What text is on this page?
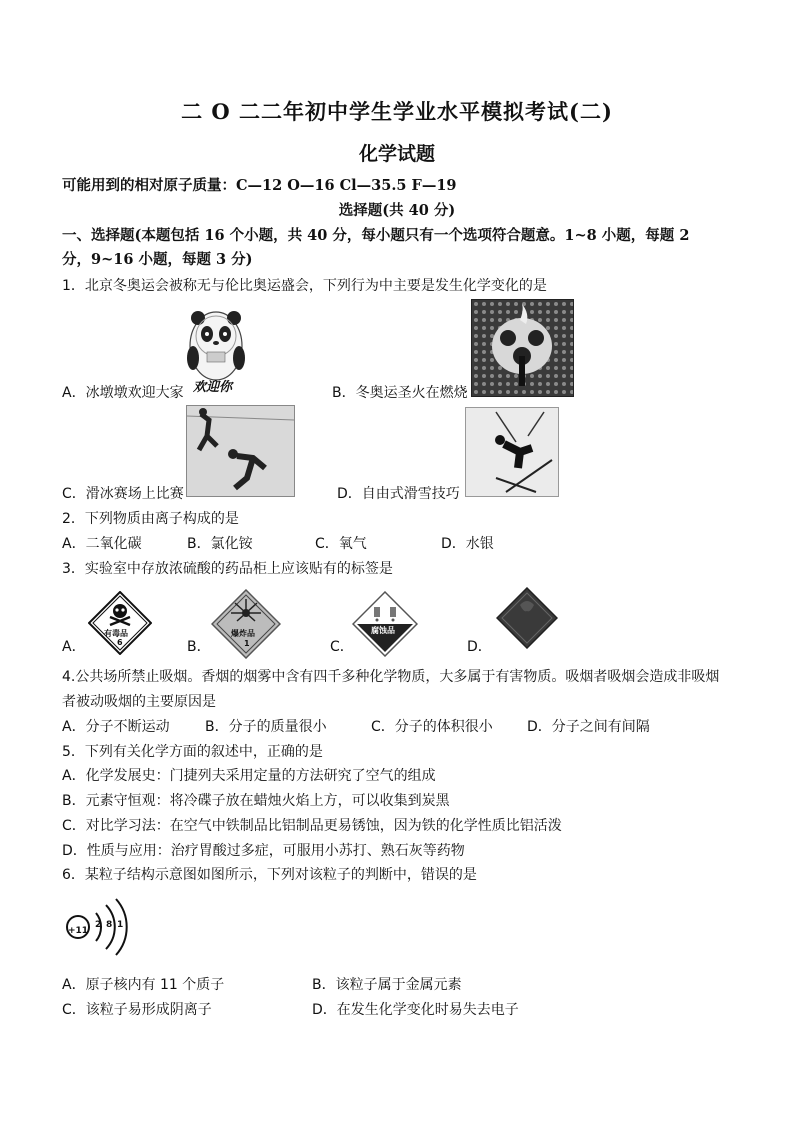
二 O 二二年初中学生学业水平模拟考试(二)
化学试题
可能用到的相对原子质量：C—12 O—16 Cl—35.5 F—19
选择题(共 40 分)
一、选择题(本题包括 16 个小题，共 40 分，每小题只有一个选项符合题意。1~8 小题，每题 2
分，9~16 小题，每题 3 分)
1．北京冬奥运会被称无与伦比奥运盛会，下列行为中主要是发生化学变化的是
欢迎你
A．冰墩墩欢迎大家	B．冬奥运圣火在燃烧
C．滑冰赛场上比赛	D．自由式滑雪技巧
2．下列物质由离子构成的是
A．二氧化碳	B．氯化铵	C．氧气	D．水银
3．实验室中存放浓硫酸的药品柜上应该贴有的标签是
有毒品
6
A．
爆炸品
1
B．
腐蚀品
C．	D．
4.公共场所禁止吸烟。香烟的烟雾中含有四千多种化学物质，大多属于有害物质。吸烟者吸烟会造成非吸烟
者被动吸烟的主要原因是
A．分子不断运动	B．分子的质量很小	C．分子的体积很小 D．分子之间有间隔
5．下列有关化学方面的叙述中，正确的是
A．化学发展史：门捷列夫采用定量的方法研究了空气的组成
B．元素守恒观：将冷碟子放在蜡烛火焰上方，可以收集到炭黑
C．对比学习法：在空气中铁制品比铝制品更易锈蚀，因为铁的化学性质比铝活泼
D．性质与应用：治疗胃酸过多症，可服用小苏打、熟石灰等药物
6．某粒子结构示意图如图所示，下列对该粒子的判断中，错误的是
+11
2 8 1
A．原子核内有 11 个质子	B．该粒子属于金属元素
C．该粒子易形成阴离子	D．在发生化学变化时易失去电子
